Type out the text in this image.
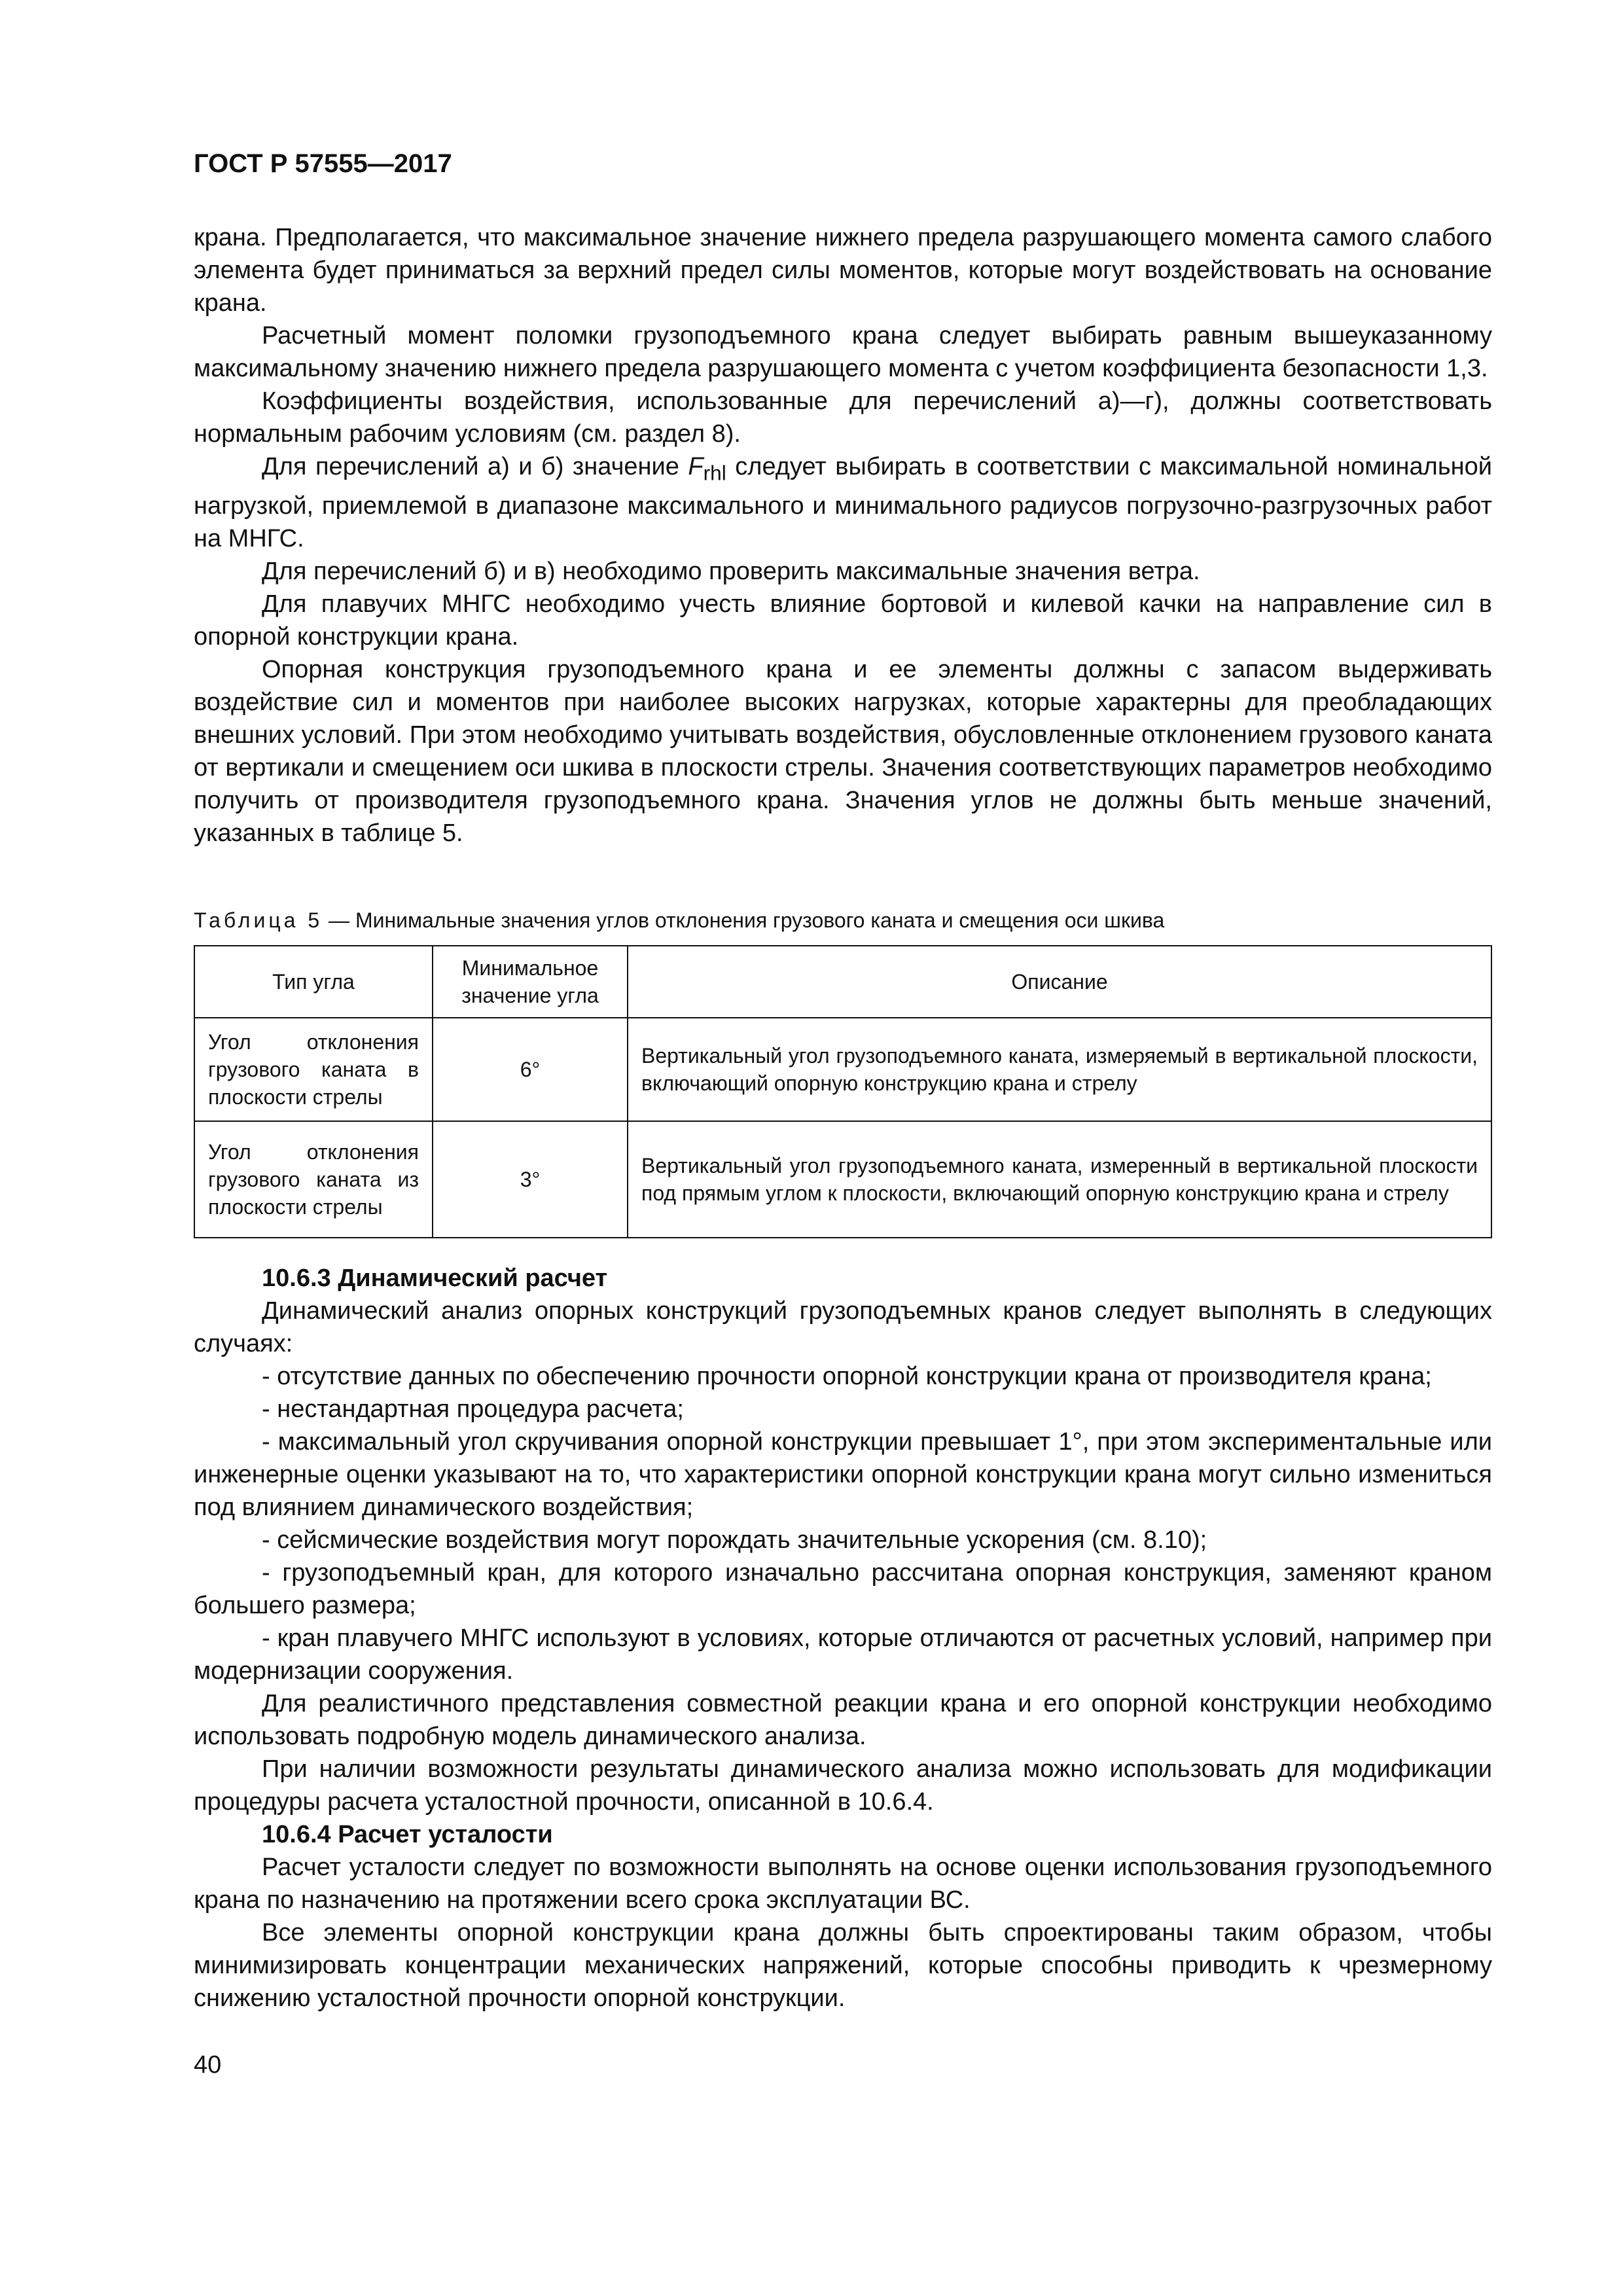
ГОСТ Р 57555—2017

крана. Предполагается, что максимальное значение нижнего предела разрушающего момента самого слабого элемента будет приниматься за верхний предел силы моментов, которые могут воздействовать на основание крана.

Расчетный момент поломки грузоподъемного крана следует выбирать равным вышеуказанному максимальному значению нижнего предела разрушающего момента с учетом коэффициента безопасности 1,3.

Коэффициенты воздействия, использованные для перечислений а)—г), должны соответствовать нормальным рабочим условиям (см. раздел 8).

Для перечислений а) и б) значение $F_{rhl}$ следует выбирать в соответствии с максимальной номинальной нагрузкой, приемлемой в диапазоне максимального и минимального радиусов погрузочно-разгрузочных работ на МНГС.

Для перечислений б) и в) необходимо проверить максимальные значения ветра.

Для плавучих МНГС необходимо учесть влияние бортовой и килевой качки на направление сил в опорной конструкции крана.

Опорная конструкция грузоподъемного крана и ее элементы должны с запасом выдерживать воздействие сил и моментов при наиболее высоких нагрузках, которые характерны для преобладающих внешних условий. При этом необходимо учитывать воздействия, обусловленные отклонением грузового каната от вертикали и смещением оси шкива в плоскости стрелы. Значения соответствующих параметров необходимо получить от производителя грузоподъемного крана. Значения углов не должны быть меньше значений, указанных в таблице 5.

Таблица 5 — Минимальные значения углов отклонения грузового каната и смещения оси шкива
Тип угла	Минимальное значение угла	Описание
Угол отклонения грузового каната в плоскости стрелы	6°	Вертикальный угол грузоподъемного каната, измеряемый в вертикальной плоскости, включающий опорную конструкцию крана и стрелу
Угол отклонения грузового каната из плоскости стрелы	3°	Вертикальный угол грузоподъемного каната, измеренный в вертикальной плоскости под прямым углом к плоскости, включающий опорную конструкцию крана и стрелу

10.6.3 Динамический расчет

Динамический анализ опорных конструкций грузоподъемных кранов следует выполнять в следующих случаях:

- отсутствие данных по обеспечению прочности опорной конструкции крана от производителя крана;

- нестандартная процедура расчета;

- максимальный угол скручивания опорной конструкции превышает 1°, при этом экспериментальные или инженерные оценки указывают на то, что характеристики опорной конструкции крана могут сильно измениться под влиянием динамического воздействия;

- сейсмические воздействия могут порождать значительные ускорения (см. 8.10);

- грузоподъемный кран, для которого изначально рассчитана опорная конструкция, заменяют краном большего размера;

- кран плавучего МНГС используют в условиях, которые отличаются от расчетных условий, например при модернизации сооружения.

Для реалистичного представления совместной реакции крана и его опорной конструкции необходимо использовать подробную модель динамического анализа.

При наличии возможности результаты динамического анализа можно использовать для модификации процедуры расчета усталостной прочности, описанной в 10.6.4.

10.6.4 Расчет усталости

Расчет усталости следует по возможности выполнять на основе оценки использования грузоподъемного крана по назначению на протяжении всего срока эксплуатации ВС.

Все элементы опорной конструкции крана должны быть спроектированы таким образом, чтобы минимизировать концентрации механических напряжений, которые способны приводить к чрезмерному снижению усталостной прочности опорной конструкции.

40
